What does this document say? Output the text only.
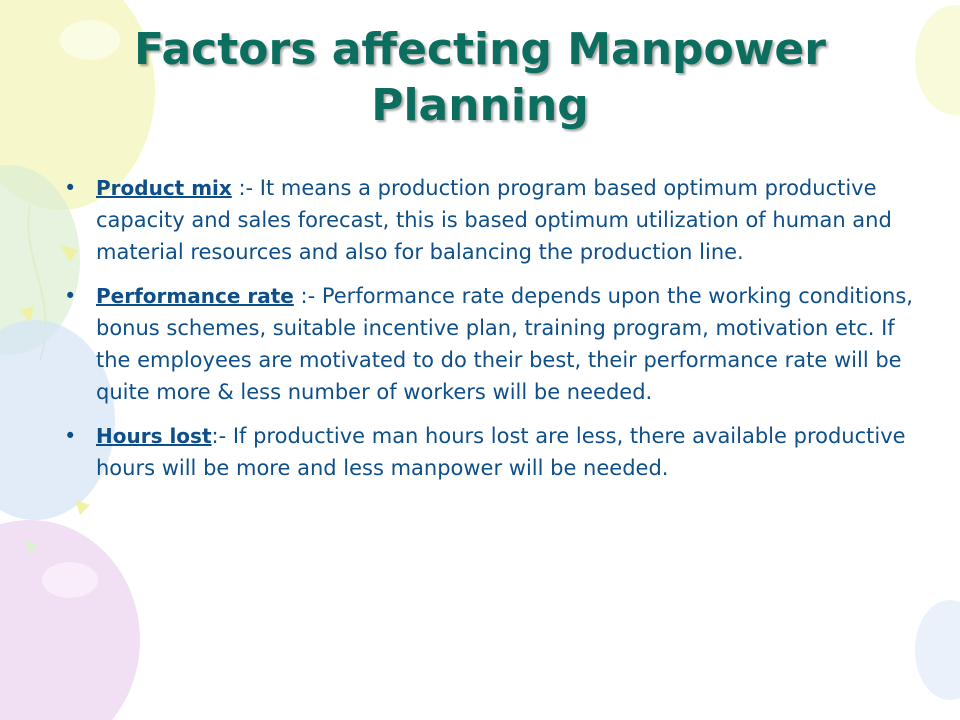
Factors affecting Manpower
Planning
• Product mix :- It means a production program based optimum productive capacity and sales forecast, this is based optimum utilization of human and material resources and also for balancing the production line.
• Performance rate :- Performance rate depends upon the working conditions, bonus schemes, suitable incentive plan, training program, motivation etc. If the employees are motivated to do their best, their performance rate will be quite more & less number of workers will be needed.
• Hours lost:- If productive man hours lost are less, there available productive hours will be more and less manpower will be needed.
